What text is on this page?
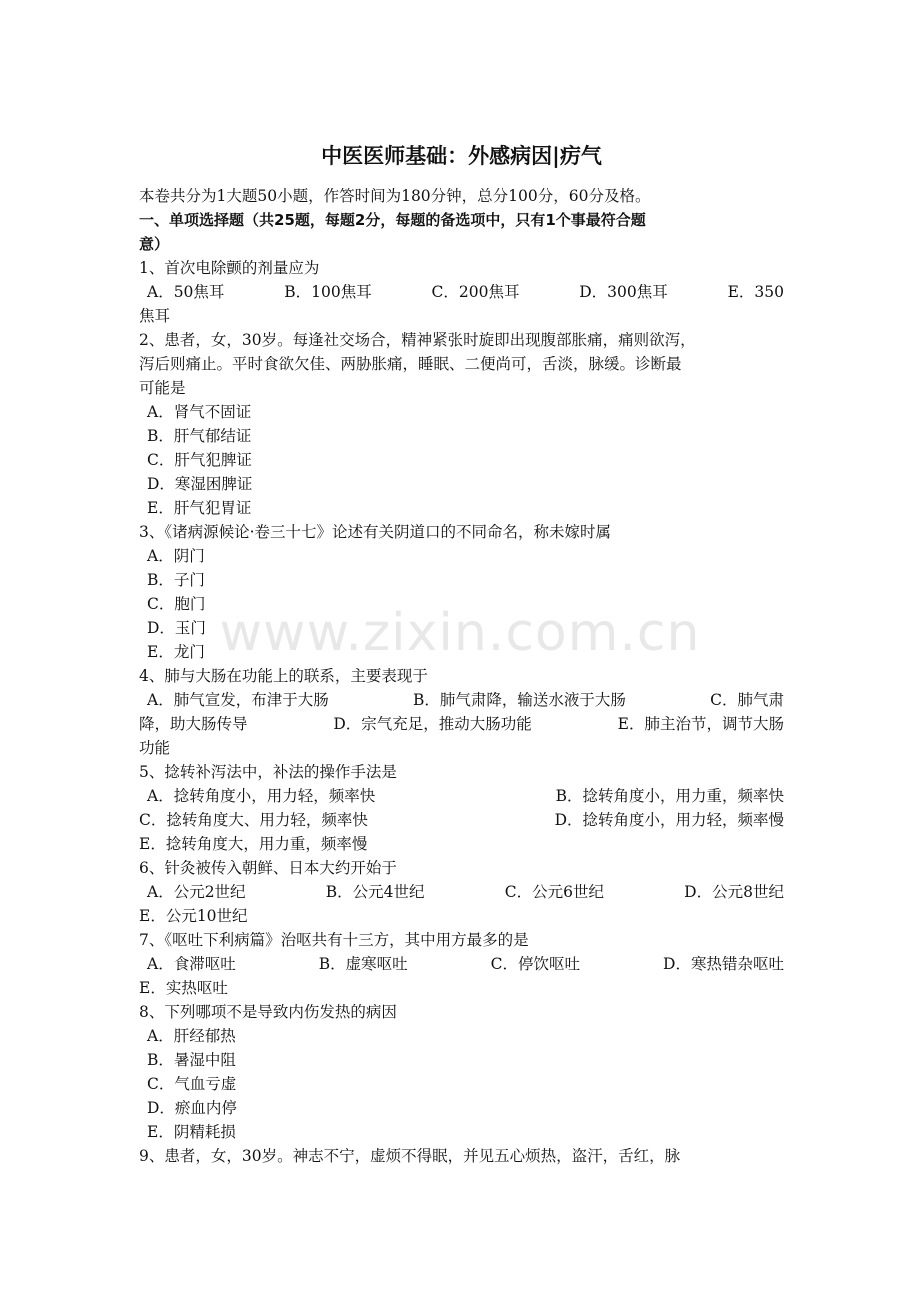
www.zixin.com.cn
中医医师基础：外感病因|疠气
本卷共分为1大题50小题，作答时间为180分钟，总分100分，60分及格。
一、单项选择题（共25题，每题2分，每题的备选项中，只有1个事最符合题
意）
1、首次电除颤的剂量应为
A．50焦耳	B．100焦耳	C．200焦耳	D．300焦耳	E．350
焦耳
2、患者，女，30岁。每逢社交场合，精神紧张时旋即出现腹部胀痛，痛则欲泻，
泻后则痛止。平时食欲欠佳、两胁胀痛，睡眠、二便尚可，舌淡，脉缓。诊断最
可能是
A．肾气不固证
B．肝气郁结证
C．肝气犯脾证
D．寒湿困脾证
E．肝气犯胃证
3、《诸病源候论·卷三十七》论述有关阴道口的不同命名，称未嫁时属
A．阴门
B．子门
C．胞门
D．玉门
E．龙门
4、肺与大肠在功能上的联系，主要表现于
A．肺气宣发，布津于大肠	B．肺气肃降，输送水液于大肠	C．肺气肃
降，助大肠传导	D．宗气充足，推动大肠功能	E．肺主治节，调节大肠
功能
5、捻转补泻法中，补法的操作手法是
A．捻转角度小，用力轻，频率快	B．捻转角度小，用力重，频率快
C．捻转角度大、用力轻，频率快	D．捻转角度小，用力轻，频率慢
E．捻转角度大，用力重，频率慢
6、针灸被传入朝鲜、日本大约开始于
A．公元2世纪	B．公元4世纪	C．公元6世纪	D．公元8世纪
E．公元10世纪
7、《呕吐下利病篇》治呕共有十三方，其中用方最多的是
A．食滞呕吐	B．虚寒呕吐	C．停饮呕吐	D．寒热错杂呕吐
E．实热呕吐
8、下列哪项不是导致内伤发热的病因
A．肝经郁热
B．暑湿中阻
C．气血亏虚
D．瘀血内停
E．阴精耗损
9、患者，女，30岁。神志不宁，虚烦不得眠，并见五心烦热，盗汗，舌红，脉
